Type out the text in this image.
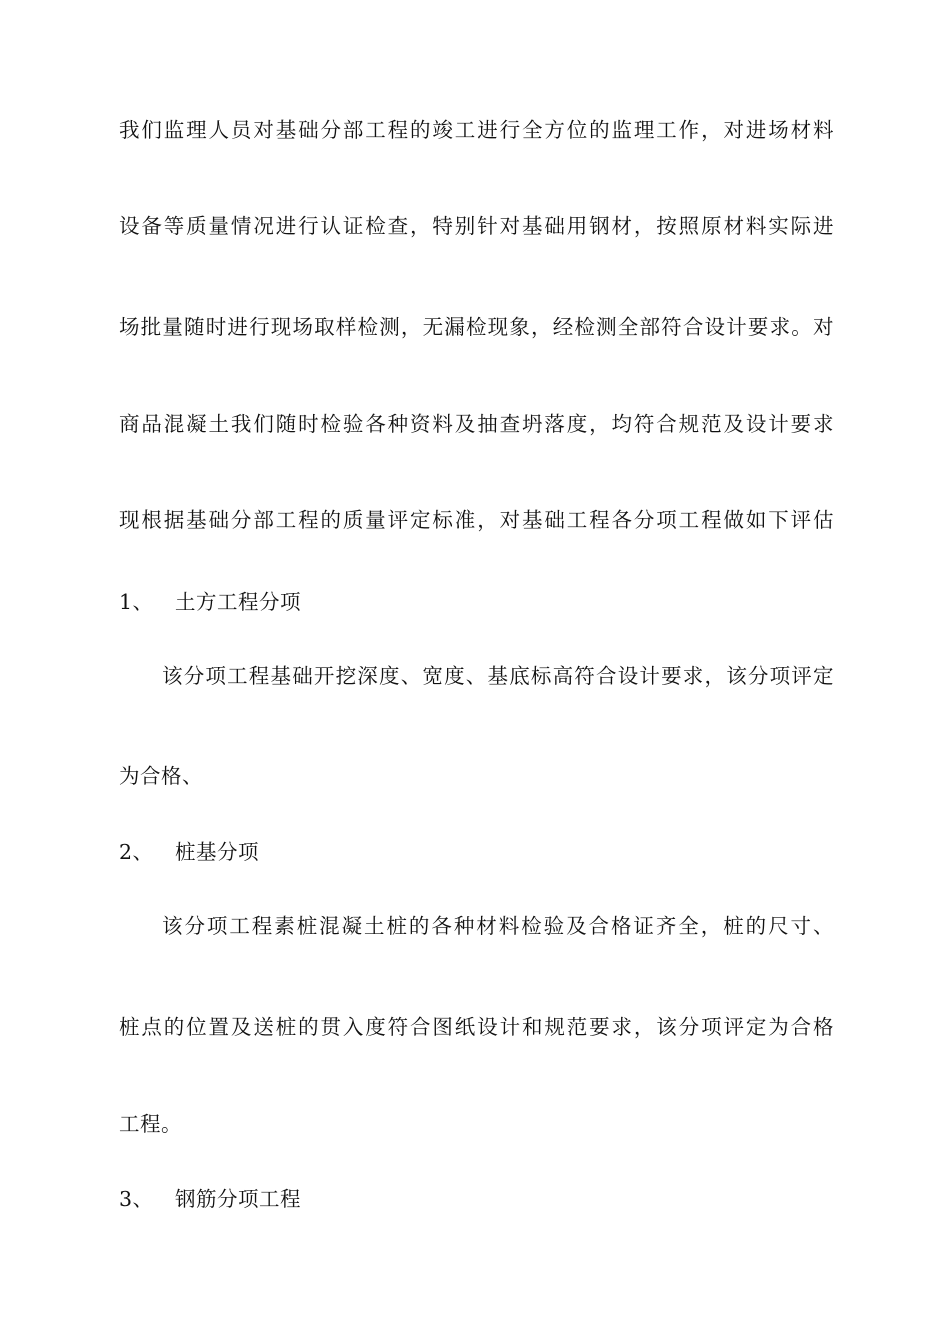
我们监理人员对基础分部工程的竣工进行全方位的监理工作，对进场材料
设备等质量情况进行认证检查，特别针对基础用钢材，按照原材料实际进
场批量随时进行现场取样检测，无漏检现象，经检测全部符合设计要求。对
商品混凝土我们随时检验各种资料及抽查坍落度，均符合规范及设计要求
现根据基础分部工程的质量评定标准，对基础工程各分项工程做如下评估
1、	土方工程分项
该分项工程基础开挖深度、宽度、基底标高符合设计要求，该分项评定
为合格、
2、	桩基分项
该分项工程素桩混凝土桩的各种材料检验及合格证齐全，桩的尺寸、
桩点的位置及送桩的贯入度符合图纸设计和规范要求，该分项评定为合格
工程。
3、	钢筋分项工程
